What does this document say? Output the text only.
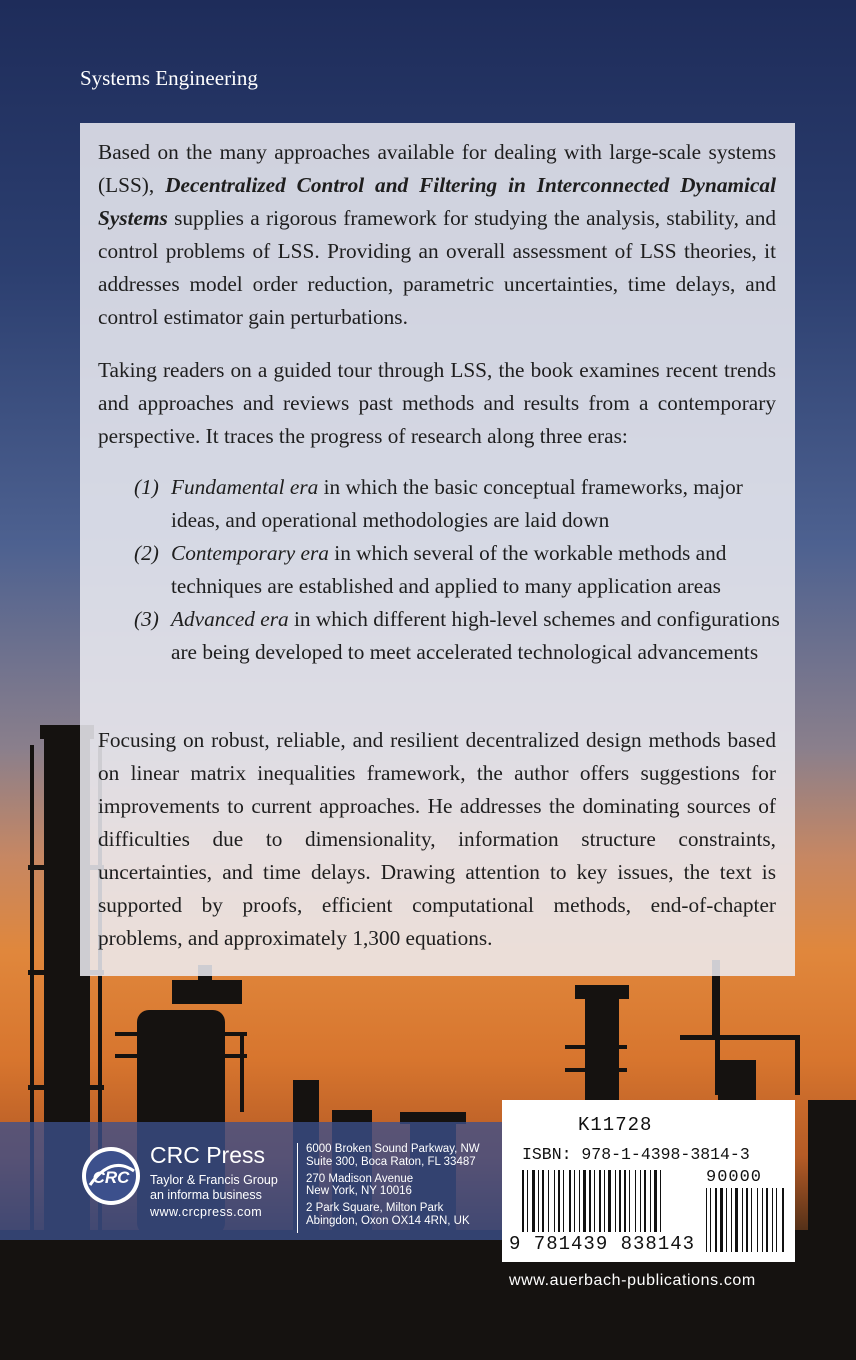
Systems Engineering
Based on the many approaches available for dealing with large-scale systems (LSS), Decentralized Control and Filtering in Interconnected Dynamical Systems supplies a rigorous framework for studying the analysis, stability, and control problems of LSS. Providing an overall assessment of LSS theories, it addresses model order reduction, parametric uncertainties, time delays, and control estimator gain perturbations.
Taking readers on a guided tour through LSS, the book examines recent trends and approaches and reviews past methods and results from a contemporary perspective. It traces the progress of research along three eras:
(1) Fundamental era in which the basic conceptual frameworks, major ideas, and operational methodologies are laid down
(2) Contemporary era in which several of the workable methods and techniques are established and applied to many application areas
(3) Advanced era in which different high-level schemes and configurations are being developed to meet accelerated technological advancements
Focusing on robust, reliable, and resilient decentralized design methods based on linear matrix inequalities framework, the author offers suggestions for improvements to current approaches. He addresses the dominating sources of difficulties due to dimensionality, information structure constraints, uncertainties, and time delays. Drawing attention to key issues, the text is supported by proofs, efficient computational methods, end-of-chapter problems, and approximately 1,300 equations.
CRC
CRC Press
Taylor & Francis Group
an informa business
www.crcpress.com
6000 Broken Sound Parkway, NW
Suite 300, Boca Raton, FL 33487
270 Madison Avenue
New York, NY 10016
2 Park Square, Milton Park
Abingdon, Oxon OX14 4RN, UK
K11728
ISBN: 978-1-4398-3814-3
90000
9 781439 838143
www.auerbach-publications.com
